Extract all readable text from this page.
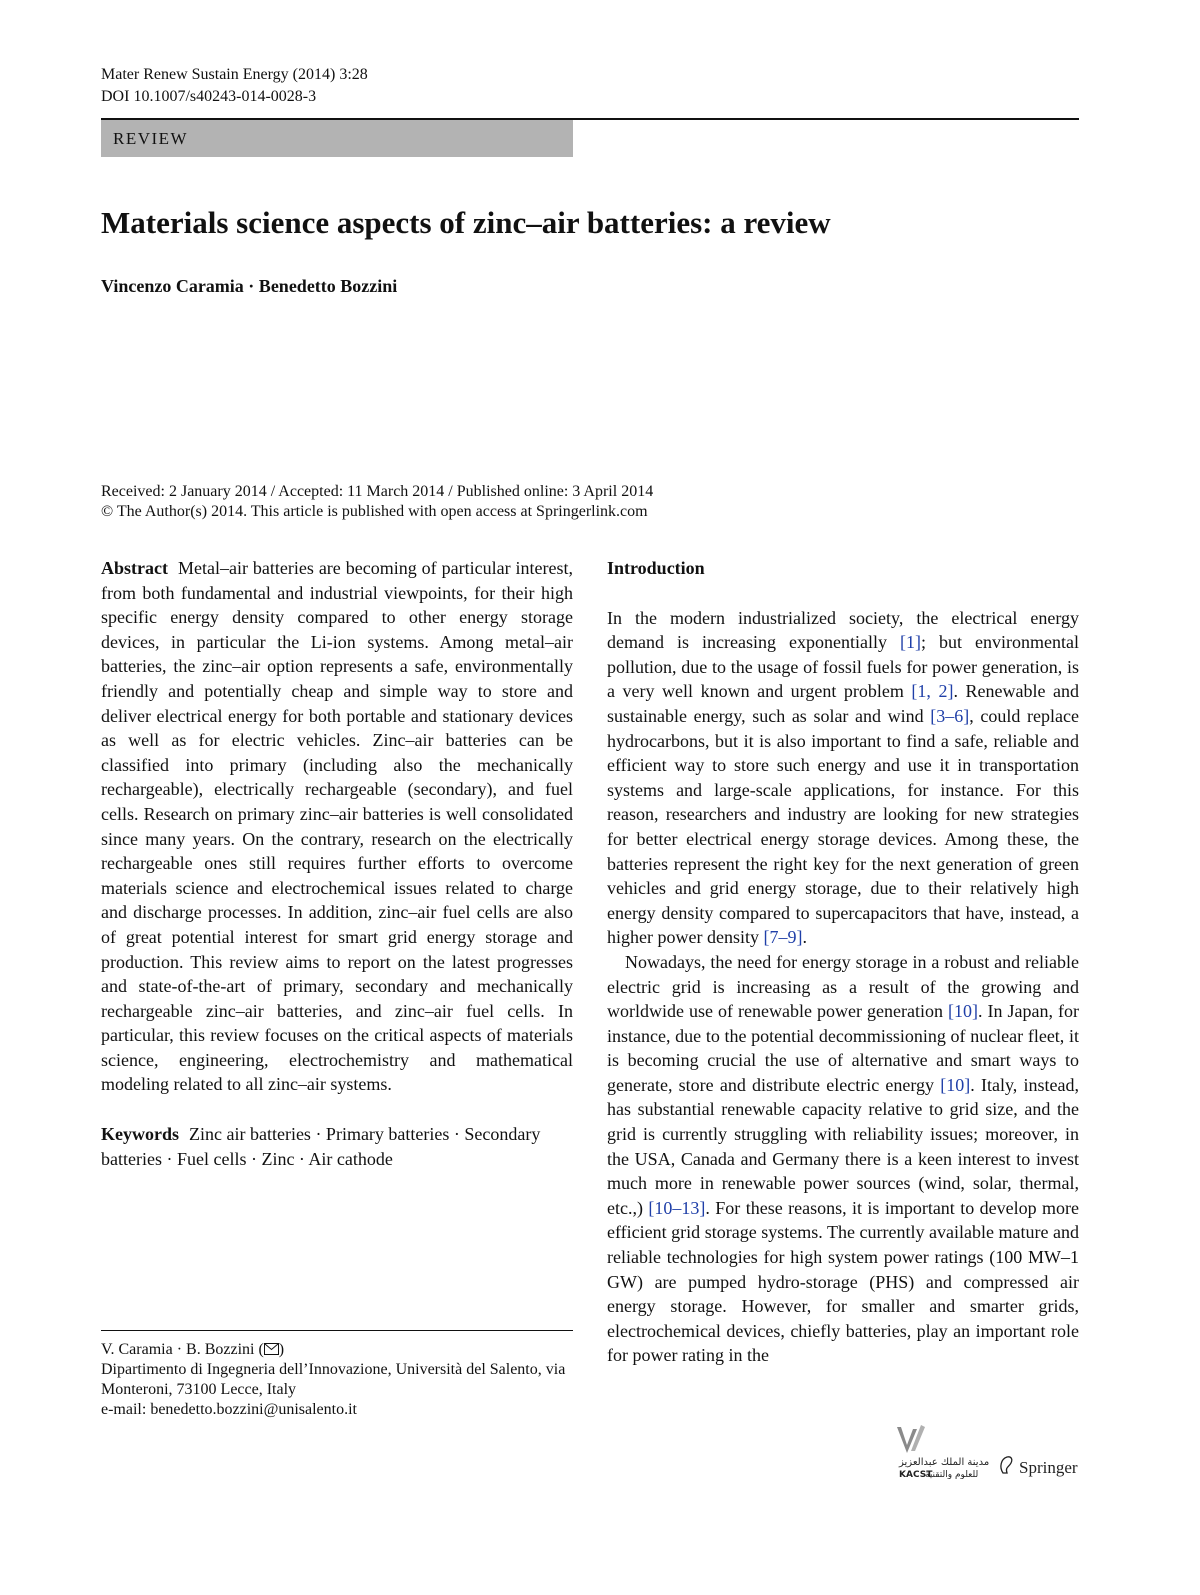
Mater Renew Sustain Energy (2014) 3:28
DOI 10.1007/s40243-014-0028-3
REVIEW
Materials science aspects of zinc–air batteries: a review
Vincenzo Caramia · Benedetto Bozzini
Received: 2 January 2014 / Accepted: 11 March 2014 / Published online: 3 April 2014
© The Author(s) 2014. This article is published with open access at Springerlink.com

Abstract Metal–air batteries are becoming of particular interest, from both fundamental and industrial viewpoints, for their high specific energy density compared to other energy storage devices, in particular the Li-ion systems. Among metal–air batteries, the zinc–air option represents a safe, environmentally friendly and potentially cheap and simple way to store and deliver electrical energy for both portable and stationary devices as well as for electric vehicles. Zinc–air batteries can be classified into primary (including also the mechanically rechargeable), electrically rechargeable (secondary), and fuel cells. Research on primary zinc–air batteries is well consolidated since many years. On the contrary, research on the electrically rechargeable ones still requires further efforts to overcome materials science and electrochemical issues related to charge and discharge processes. In addition, zinc–air fuel cells are also of great potential interest for smart grid energy storage and production. This review aims to report on the latest progresses and state-of-the-art of primary, secondary and mechanically rechargeable zinc–air batteries, and zinc–air fuel cells. In particular, this review focuses on the critical aspects of materials science, engineering, electrochemistry and mathematical modeling related to all zinc–air systems.

Keywords Zinc air batteries · Primary batteries · Secondary batteries · Fuel cells · Zinc · Air cathode

V. Caramia · B. Bozzini ( )
Dipartimento di Ingegneria dell’Innovazione, Università del Salento, via Monteroni, 73100 Lecce, Italy
e-mail: benedetto.bozzini@unisalento.it
Introduction

In the modern industrialized society, the electrical energy demand is increasing exponentially [1]; but environmental pollution, due to the usage of fossil fuels for power generation, is a very well known and urgent problem [1, 2]. Renewable and sustainable energy, such as solar and wind [3–6], could replace hydrocarbons, but it is also important to find a safe, reliable and efficient way to store such energy and use it in transportation systems and large-scale applications, for instance. For this reason, researchers and industry are looking for new strategies for better electrical energy storage devices. Among these, the batteries represent the right key for the next generation of green vehicles and grid energy storage, due to their relatively high energy density compared to supercapacitors that have, instead, a higher power density [7–9].

Nowadays, the need for energy storage in a robust and reliable electric grid is increasing as a result of the growing and worldwide use of renewable power generation [10]. In Japan, for instance, due to the potential decommissioning of nuclear fleet, it is becoming crucial the use of alternative and smart ways to generate, store and distribute electric energy [10]. Italy, instead, has substantial renewable capacity relative to grid size, and the grid is currently struggling with reliability issues; moreover, in the USA, Canada and Germany there is a keen interest to invest much more in renewable power sources (wind, solar, thermal, etc.,) [10–13]. For these reasons, it is important to develop more efficient grid storage systems. The currently available mature and reliable technologies for high system power ratings (100 MW–1 GW) are pumped hydro-storage (PHS) and compressed air energy storage. However, for smaller and smarter grids, electrochemical devices, chiefly batteries, play an important role for power rating in the

مدينة الملك عبدالعزيز
للعلوم والتقنية
KACST	Springer
